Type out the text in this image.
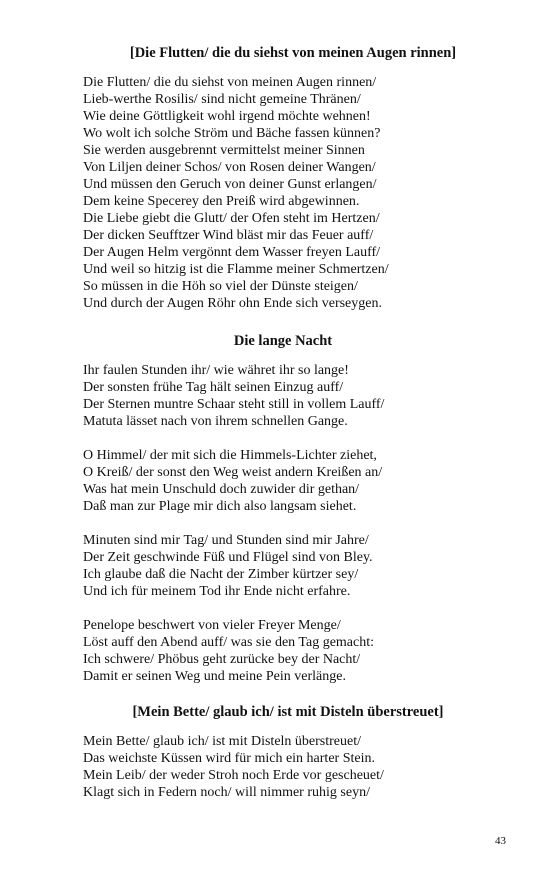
[Die Flutten/ die du siehst von meinen Augen rinnen]

Die Flutten/ die du siehst von meinen Augen rinnen/

Lieb-werthe Rosilis/ sind nicht gemeine Thränen/

Wie deine Göttligkeit wohl irgend möchte wehnen!

Wo wolt ich solche Ström und Bäche fassen künnen?

Sie werden ausgebrennt vermittelst meiner Sinnen

Von Liljen deiner Schos/ von Rosen deiner Wangen/

Und müssen den Geruch von deiner Gunst erlangen/

Dem keine Specerey den Preiß wird abgewinnen.

Die Liebe giebt die Glutt/ der Ofen steht im Hertzen/

Der dicken Seufftzer Wind bläst mir das Feuer auff/

Der Augen Helm vergönnt dem Wasser freyen Lauff/

Und weil so hitzig ist die Flamme meiner Schmertzen/

So müssen in die Höh so viel der Dünste steigen/

Und durch der Augen Röhr ohn Ende sich verseygen.

Die lange Nacht

Ihr faulen Stunden ihr/ wie währet ihr so lange!

Der sonsten frühe Tag hält seinen Einzug auff/

Der Sternen muntre Schaar steht still in vollem Lauff/

Matuta lässet nach von ihrem schnellen Gange.

O Himmel/ der mit sich die Himmels-Lichter ziehet,

O Kreiß/ der sonst den Weg weist andern Kreißen an/

Was hat mein Unschuld doch zuwider dir gethan/

Daß man zur Plage mir dich also langsam siehet.

Minuten sind mir Tag/ und Stunden sind mir Jahre/

Der Zeit geschwinde Füß und Flügel sind von Bley.

Ich glaube daß die Nacht der Zimber kürtzer sey/

Und ich für meinem Tod ihr Ende nicht erfahre.

Penelope beschwert von vieler Freyer Menge/

Löst auff den Abend auff/ was sie den Tag gemacht:

Ich schwere/ Phöbus geht zurücke bey der Nacht/

Damit er seinen Weg und meine Pein verlänge.

[Mein Bette/ glaub ich/ ist mit Disteln überstreuet]

Mein Bette/ glaub ich/ ist mit Disteln überstreuet/

Das weichste Küssen wird für mich ein harter Stein.

Mein Leib/ der weder Stroh noch Erde vor gescheuet/

Klagt sich in Federn noch/ will nimmer ruhig seyn/

43
